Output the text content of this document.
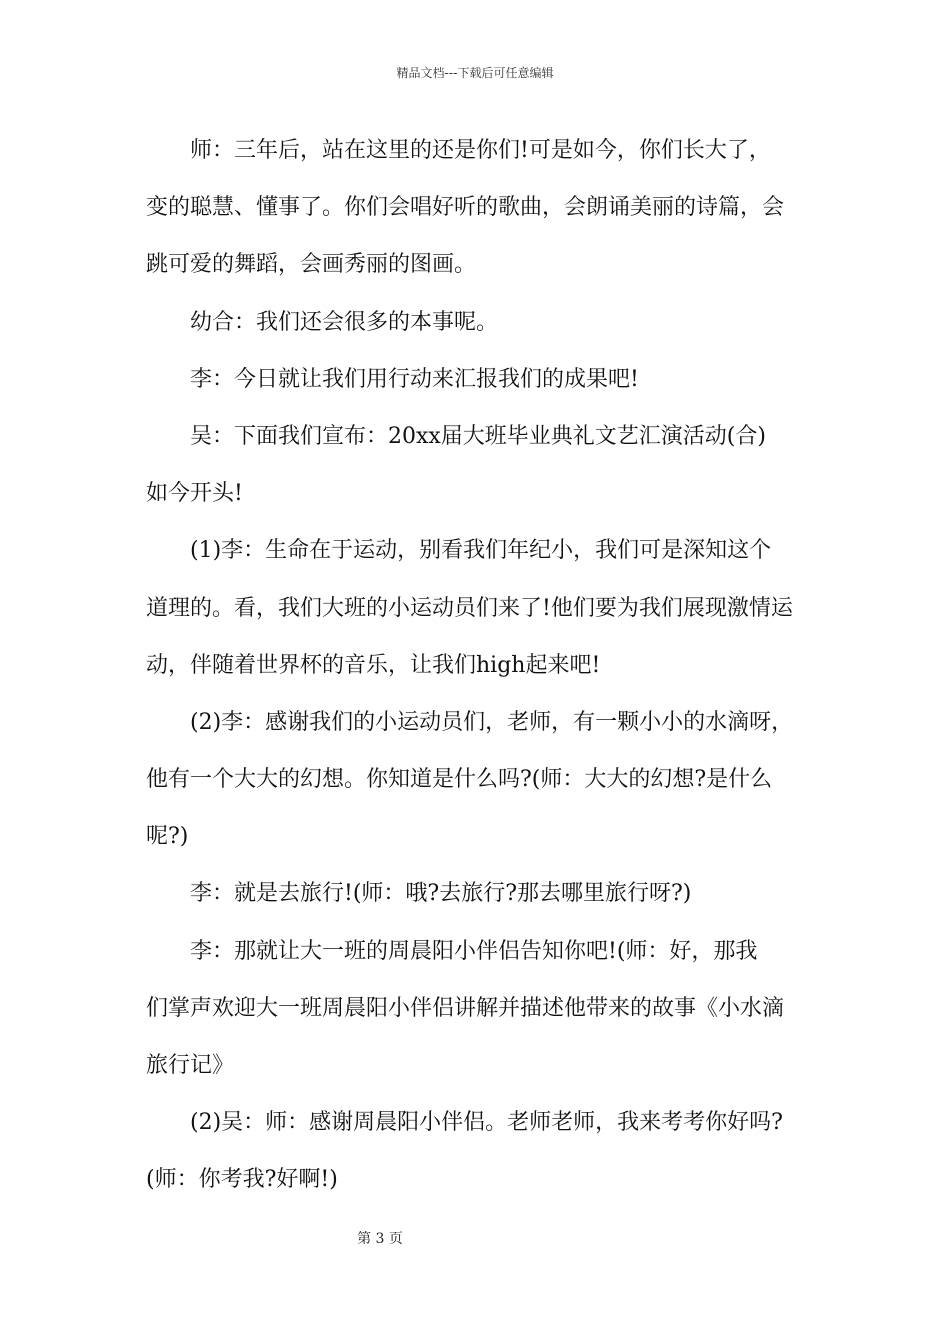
精品文档---下载后可任意编辑
　　师：三年后，站在这里的还是你们!可是如今，你们长大了，
变的聪慧、懂事了。你们会唱好听的歌曲，会朗诵美丽的诗篇，会
跳可爱的舞蹈，会画秀丽的图画。
　　幼合：我们还会很多的本事呢。
　　李：今日就让我们用行动来汇报我们的成果吧!
　　吴：下面我们宣布：20xx届大班毕业典礼文艺汇演活动(合)
如今开头!
　　(1)李：生命在于运动，别看我们年纪小，我们可是深知这个
道理的。看，我们大班的小运动员们来了!他们要为我们展现激情运
动，伴随着世界杯的音乐，让我们high起来吧!
　　(2)李：感谢我们的小运动员们，老师，有一颗小小的水滴呀，
他有一个大大的幻想。你知道是什么吗?(师：大大的幻想?是什么
呢?)
　　李：就是去旅行!(师：哦?去旅行?那去哪里旅行呀?)
　　李：那就让大一班的周晨阳小伴侣告知你吧!(师：好，那我
们掌声欢迎大一班周晨阳小伴侣讲解并描述他带来的故事《小水滴
旅行记》
　　(2)吴：师：感谢周晨阳小伴侣。老师老师，我来考考你好吗?
(师：你考我?好啊!)
第 3 页
